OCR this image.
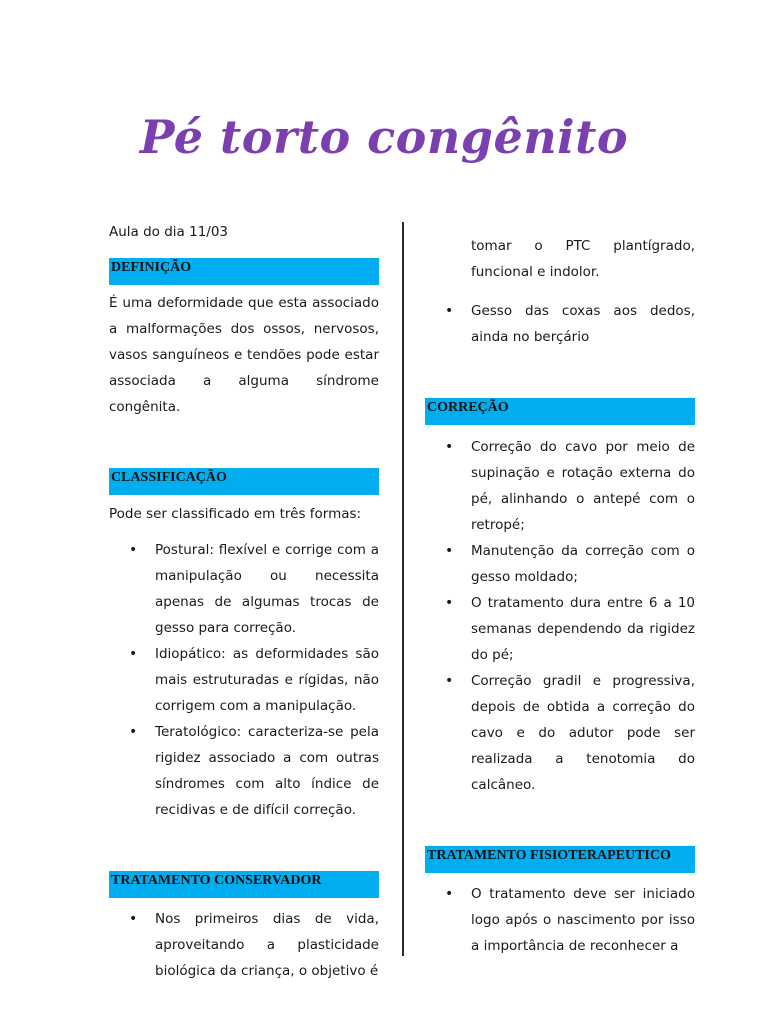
Pé torto congênito

Aula do dia 11/03

DEFINIÇÃO

É uma deformidade que esta associado a malformações dos ossos, nervosos, vasos sanguíneos e tendões pode estar associada a alguma síndrome congênita.

CLASSIFICAÇÃO

Pode ser classificado em três formas:

• Postural: flexível e corrige com a manipulação ou necessita apenas de algumas trocas de gesso para correção.
• Idiopático: as deformidades são mais estruturadas e rígidas, não corrigem com a manipulação.
• Teratológico: caracteriza-se pela rigidez associado a com outras síndromes com alto índice de recidivas e de difícil correção.
TRATAMENTO CONSERVADOR
• Nos primeiros dias de vida, aproveitando a plasticidade biológica da criança, o objetivo é

tomar o PTC plantígrado, funcional e indolor.

• Gesso das coxas aos dedos, ainda no berçário
CORREÇÃO
• Correção do cavo por meio de supinação e rotação externa do pé, alinhando o antepé com o retropé;
• Manutenção da correção com o gesso moldado;
• O tratamento dura entre 6 a 10 semanas dependendo da rigidez do pé;
• Correção gradil e progressiva, depois de obtida a correção do cavo e do adutor pode ser realizada a tenotomia do calcâneo.
TRATAMENTO FISIOTERAPEUTICO
• O tratamento deve ser iniciado logo após o nascimento por isso a importância de reconhecer a
